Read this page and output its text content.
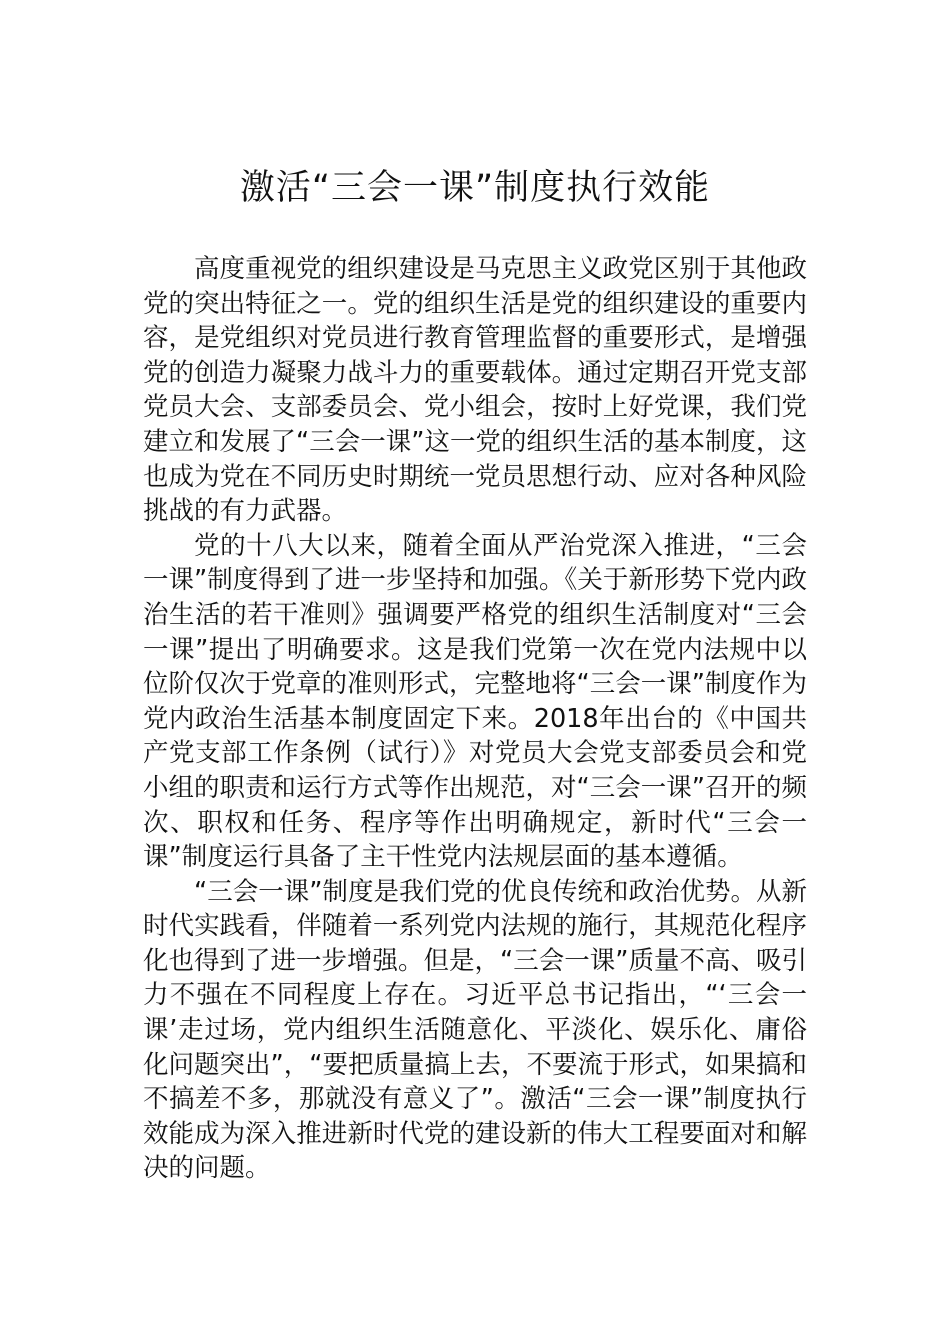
激活“三会一课”制度执行效能

高度重视党的组织建设是马克思主义政党区别于其他政党的突出特征之一。党的组织生活是党的组织建设的重要内容，是党组织对党员进行教育管理监督的重要形式，是增强党的创造力凝聚力战斗力的重要载体。通过定期召开党支部党员大会、支部委员会、党小组会，按时上好党课，我们党建立和发展了“三会一课”这一党的组织生活的基本制度，这也成为党在不同历史时期统一党员思想行动、应对各种风险挑战的有力武器。

党的十八大以来，随着全面从严治党深入推进，“三会一课”制度得到了进一步坚持和加强。《关于新形势下党内政治生活的若干准则》强调要严格党的组织生活制度对“三会一课”提出了明确要求。这是我们党第一次在党内法规中以位阶仅次于党章的准则形式，完整地将“三会一课”制度作为党内政治生活基本制度固定下来。2018年出台的《中国共产党支部工作条例（试行）》对党员大会党支部委员会和党小组的职责和运行方式等作出规范，对“三会一课”召开的频次、职权和任务、程序等作出明确规定，新时代“三会一课”制度运行具备了主干性党内法规层面的基本遵循。

“三会一课”制度是我们党的优良传统和政治优势。从新时代实践看，伴随着一系列党内法规的施行，其规范化程序化也得到了进一步增强。但是，“三会一课”质量不高、吸引力不强在不同程度上存在。习近平总书记指出，“‘三会一课’走过场，党内组织生活随意化、平淡化、娱乐化、庸俗化问题突出”，“要把质量搞上去，不要流于形式，如果搞和不搞差不多，那就没有意义了”。激活“三会一课”制度执行效能成为深入推进新时代党的建设新的伟大工程要面对和解决的问题。
